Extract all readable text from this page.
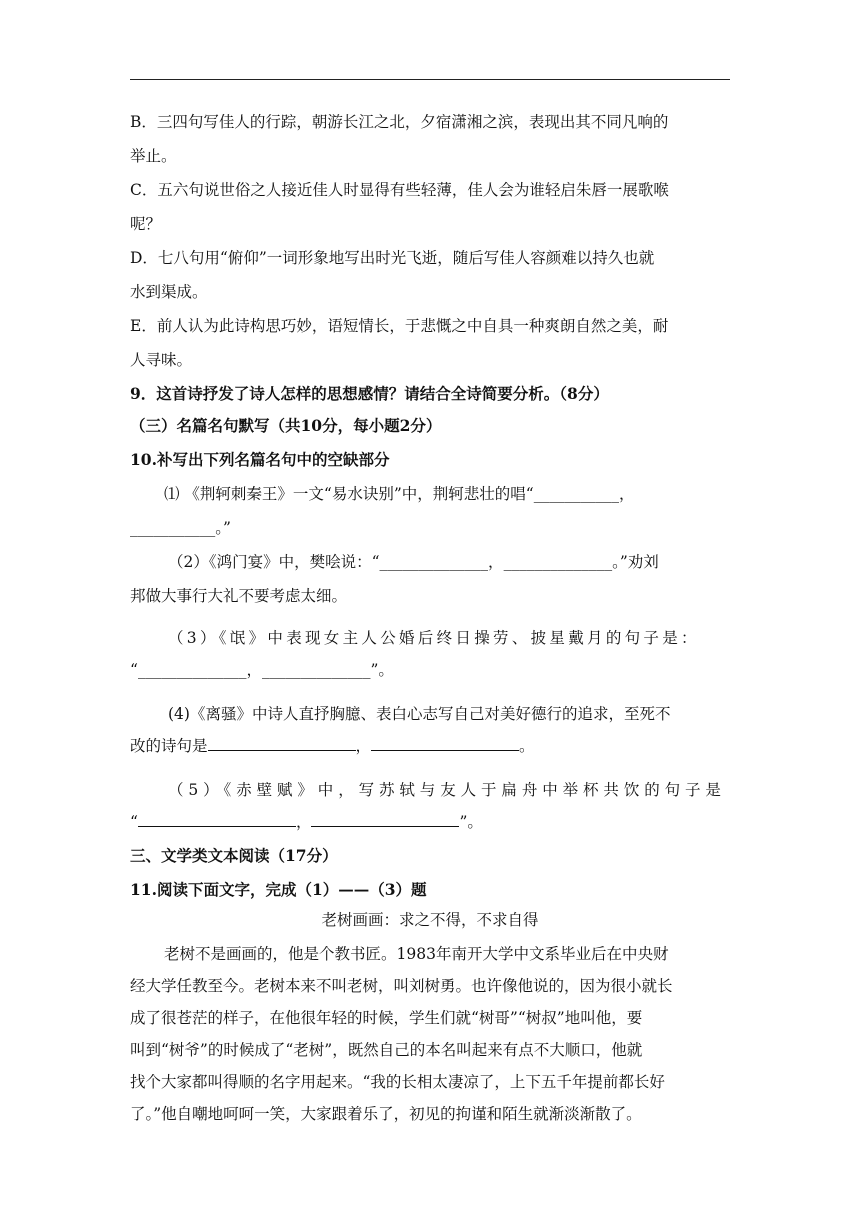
B．三四句写佳人的行踪，朝游长江之北，夕宿潇湘之滨，表现出其不同凡响的
举止。
C．五六句说世俗之人接近佳人时显得有些轻薄，佳人会为谁轻启朱唇一展歌喉
呢？
D．七八句用“俯仰”一词形象地写出时光飞逝，随后写佳人容颜难以持久也就
水到渠成。
E．前人认为此诗构思巧妙，语短情长，于悲慨之中自具一种爽朗自然之美，耐
人寻味。
9．这首诗抒发了诗人怎样的思想感情？请结合全诗简要分析。（8分）
（三）名篇名句默写（共10分，每小题2分）
10.补写出下列名篇名句中的空缺部分
⑴ 《荆轲刺秦王》一文“易水诀别”中，荆轲悲壮的唱“___________，
___________。”
（2）《鸿门宴》中，樊哙说：“______________，______________。”劝刘
邦做大事行大礼不要考虑太细。
（3）《氓》中表现女主人公婚后终日操劳、披星戴月的句子是：
“______________，______________”。
(4)《离骚》中诗人直抒胸臆、表白心志写自己对美好德行的追求，至死不
改的诗句是	，	。
（5）《赤壁赋》中，写苏轼与友人于扁舟中举杯共饮的句子是
“	，	”。
三、文学类文本阅读（17分）
11.阅读下面文字，完成（1）——（3）题
老树画画：求之不得，不求自得
老树不是画画的，他是个教书匠。1983年南开大学中文系毕业后在中央财
经大学任教至今。老树本来不叫老树，叫刘树勇。也许像他说的，因为很小就长
成了很苍茫的样子，在他很年轻的时候，学生们就“树哥”“树叔”地叫他，要
叫到“树爷”的时候成了“老树”，既然自己的本名叫起来有点不大顺口，他就
找个大家都叫得顺的名字用起来。“我的长相太凄凉了，上下五千年提前都长好
了。”他自嘲地呵呵一笑，大家跟着乐了，初见的拘谨和陌生就渐淡渐散了。
